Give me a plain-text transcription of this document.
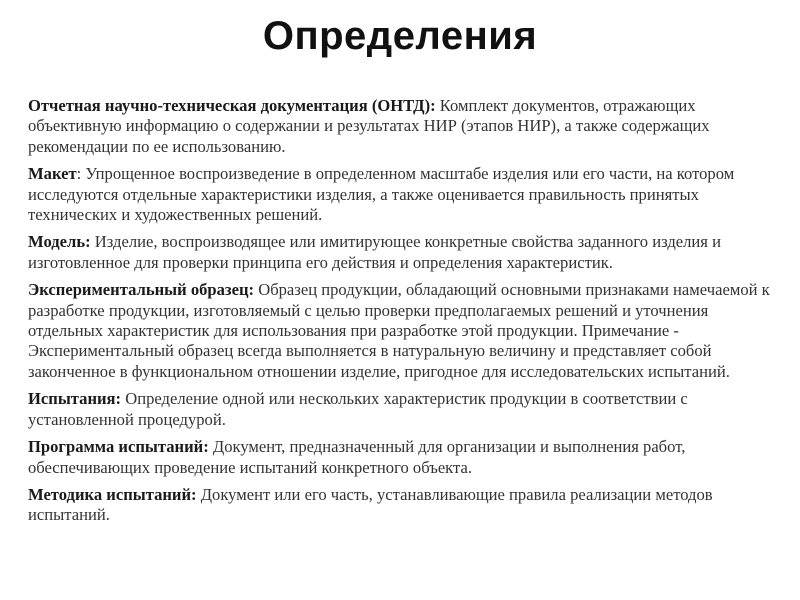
Определения
Отчетная научно-техническая документация (ОНТД): Комплект документов, отражающих объективную информацию о содержании и результатах НИР (этапов НИР), а также содержащих рекомендации по ее использованию.
Макет: Упрощенное воспроизведение в определенном масштабе изделия или его части, на котором исследуются отдельные характеристики изделия, а также оценивается правильность принятых технических и художественных решений.
Модель: Изделие, воспроизводящее или имитирующее конкретные свойства заданного изделия и изготовленное для проверки принципа его действия и определения характеристик.
Экспериментальный образец: Образец продукции, обладающий основными признаками намечаемой к разработке продукции, изготовляемый с целью проверки предполагаемых решений и уточнения отдельных характеристик для использования при разработке этой продукции. Примечание - Экспериментальный образец всегда выполняется в натуральную величину и представляет собой законченное в функциональном отношении изделие, пригодное для исследовательских испытаний.
Испытания: Определение одной или нескольких характеристик продукции в соответствии с установленной процедурой.
Программа испытаний: Документ, предназначенный для организации и выполнения работ, обеспечивающих проведение испытаний конкретного объекта.
Методика испытаний: Документ или его часть, устанавливающие правила реализации методов испытаний.
